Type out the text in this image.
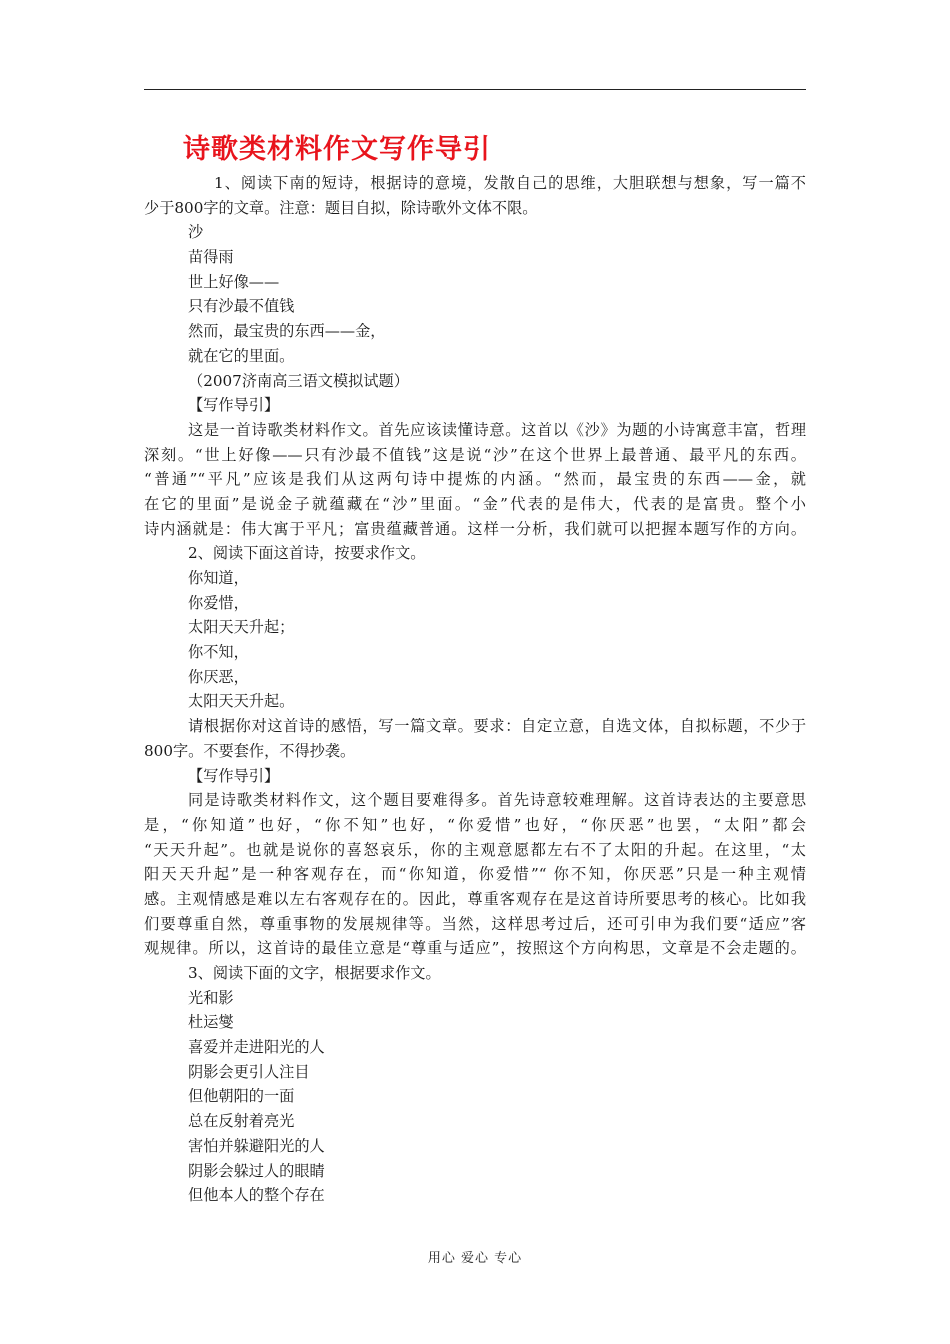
诗歌类材料作文写作导引
1、阅读下南的短诗，根据诗的意境，发散自己的思维，大胆联想与想象，写一篇不
少于800字的文章。注意：题目自拟，除诗歌外文体不限。
沙
苗得雨
世上好像——
只有沙最不值钱
然而，最宝贵的东西——金，
就在它的里面。
（2007济南高三语文模拟试题）
【写作导引】
这是一首诗歌类材料作文。首先应该读懂诗意。这首以《沙》为题的小诗寓意丰富，哲理
深刻。“世上好像——只有沙最不值钱”这是说“沙”在这个世界上最普通、最平凡的东西。
“普通”“平凡”应该是我们从这两句诗中提炼的内涵。“然而，最宝贵的东西——金，就
在它的里面”是说金子就蕴藏在“沙”里面。“金”代表的是伟大，代表的是富贵。整个小
诗内涵就是：伟大寓于平凡；富贵蕴藏普通。这样一分析，我们就可以把握本题写作的方向。
2、阅读下面这首诗，按要求作文。
你知道，
你爱惜，
太阳天天升起；
你不知，
你厌恶，
太阳天天升起。
请根据你对这首诗的感悟，写一篇文章。要求：自定立意，自选文体，自拟标题，不少于
800字。不要套作，不得抄袭。
【写作导引】
同是诗歌类材料作文，这个题目要难得多。首先诗意较难理解。这首诗表达的主要意思
是，“你知道”也好，“你不知”也好，“你爱惜”也好，“你厌恶”也罢，“太阳”都会
“天天升起”。也就是说你的喜怒哀乐，你的主观意愿都左右不了太阳的升起。在这里，“太
阳天天升起”是一种客观存在，而“你知道，你爱惜”“ 你不知，你厌恶”只是一种主观情
感。主观情感是难以左右客观存在的。因此，尊重客观存在是这首诗所要思考的核心。比如我
们要尊重自然，尊重事物的发展规律等。当然，这样思考过后，还可引申为我们要“适应”客
观规律。所以，这首诗的最佳立意是“尊重与适应”，按照这个方向构思，文章是不会走题的。
3、阅读下面的文字，根据要求作文。
光和影
杜运燮
喜爱并走进阳光的人
阴影会更引人注目
但他朝阳的一面
总在反射着亮光
害怕并躲避阳光的人
阴影会躲过人的眼睛
但他本人的整个存在
用心 爱心 专心
